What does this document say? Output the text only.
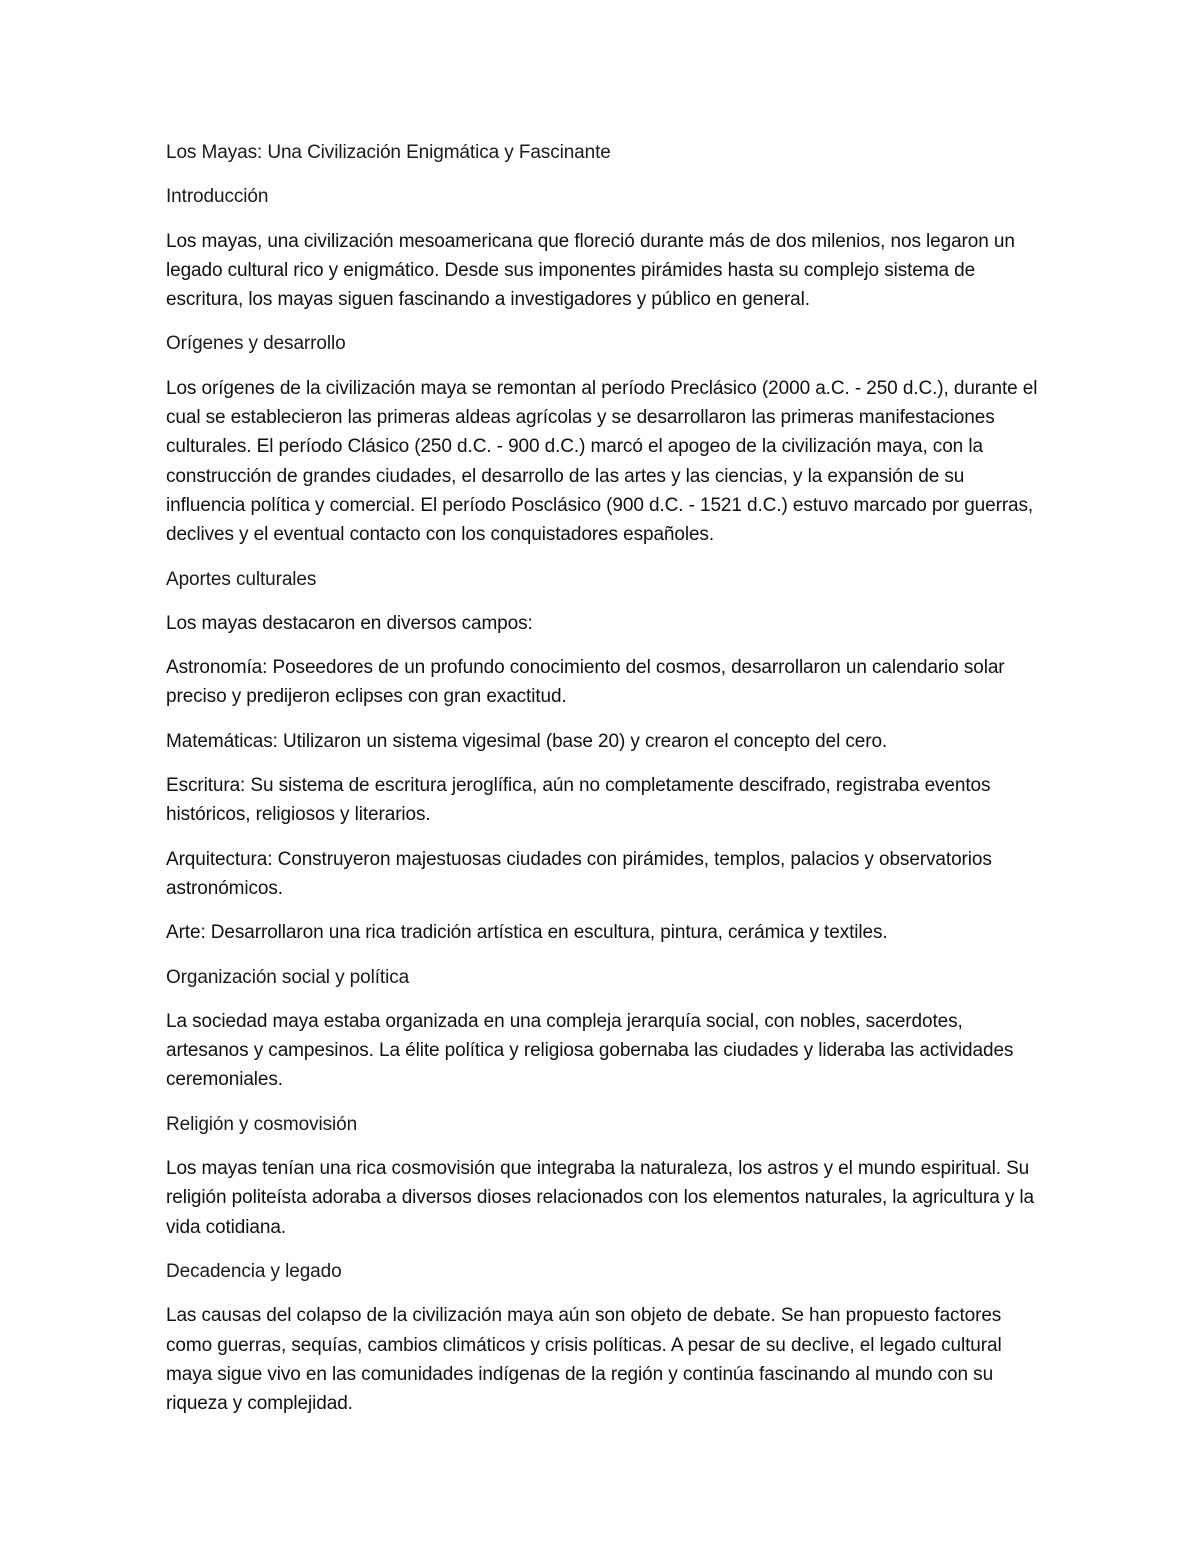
Los Mayas: Una Civilización Enigmática y Fascinante

Introducción

Los mayas, una civilización mesoamericana que floreció durante más de dos milenios, nos legaron un legado cultural rico y enigmático. Desde sus imponentes pirámides hasta su complejo sistema de escritura, los mayas siguen fascinando a investigadores y público en general.

Orígenes y desarrollo

Los orígenes de la civilización maya se remontan al período Preclásico (2000 a.C. - 250 d.C.), durante el cual se establecieron las primeras aldeas agrícolas y se desarrollaron las primeras manifestaciones culturales. El período Clásico (250 d.C. - 900 d.C.) marcó el apogeo de la civilización maya, con la construcción de grandes ciudades, el desarrollo de las artes y las ciencias, y la expansión de su influencia política y comercial. El período Posclásico (900 d.C. - 1521 d.C.) estuvo marcado por guerras, declives y el eventual contacto con los conquistadores españoles.

Aportes culturales

Los mayas destacaron en diversos campos:

Astronomía: Poseedores de un profundo conocimiento del cosmos, desarrollaron un calendario solar preciso y predijeron eclipses con gran exactitud.

Matemáticas: Utilizaron un sistema vigesimal (base 20) y crearon el concepto del cero.

Escritura: Su sistema de escritura jeroglífica, aún no completamente descifrado, registraba eventos históricos, religiosos y literarios.

Arquitectura: Construyeron majestuosas ciudades con pirámides, templos, palacios y observatorios astronómicos.

Arte: Desarrollaron una rica tradición artística en escultura, pintura, cerámica y textiles.

Organización social y política

La sociedad maya estaba organizada en una compleja jerarquía social, con nobles, sacerdotes, artesanos y campesinos. La élite política y religiosa gobernaba las ciudades y lideraba las actividades ceremoniales.

Religión y cosmovisión

Los mayas tenían una rica cosmovisión que integraba la naturaleza, los astros y el mundo espiritual. Su religión politeísta adoraba a diversos dioses relacionados con los elementos naturales, la agricultura y la vida cotidiana.

Decadencia y legado

Las causas del colapso de la civilización maya aún son objeto de debate. Se han propuesto factores como guerras, sequías, cambios climáticos y crisis políticas. A pesar de su declive, el legado cultural maya sigue vivo en las comunidades indígenas de la región y continúa fascinando al mundo con su riqueza y complejidad.
